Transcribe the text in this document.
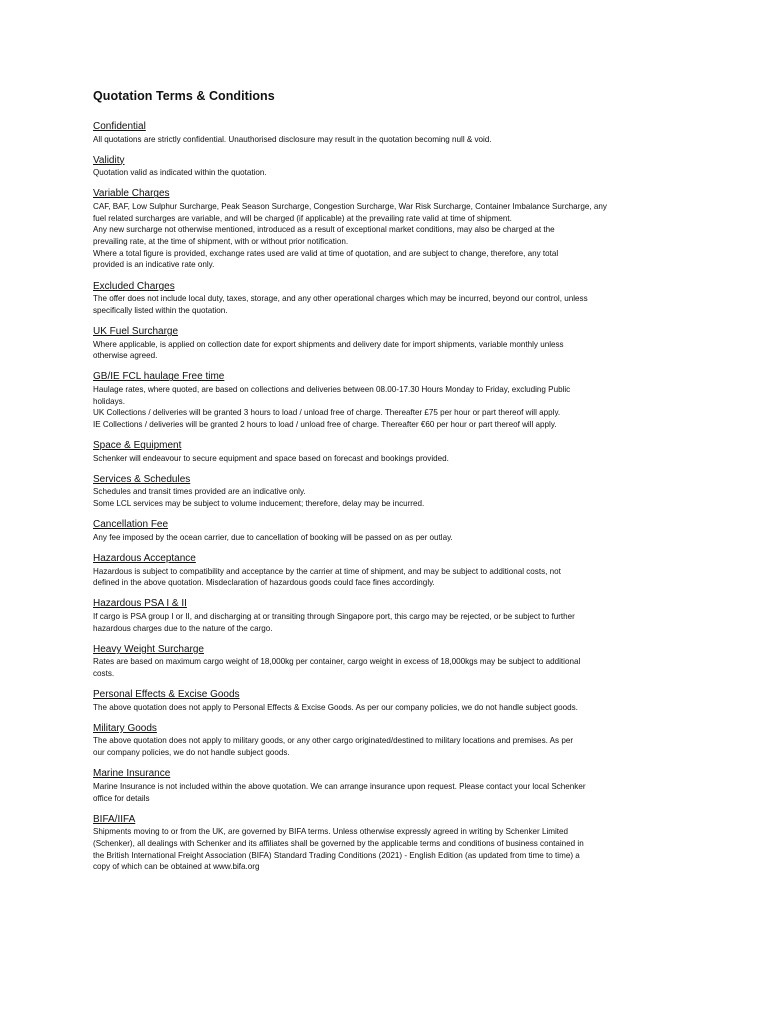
Quotation Terms & Conditions
Confidential

All quotations are strictly confidential. Unauthorised disclosure may result in the quotation becoming null & void.

Validity

Quotation valid as indicated within the quotation.

Variable Charges

CAF, BAF, Low Sulphur Surcharge, Peak Season Surcharge, Congestion Surcharge, War Risk Surcharge, Container Imbalance Surcharge, any

fuel related surcharges are variable, and will be charged (if applicable) at the prevailing rate valid at time of shipment.

Any new surcharge not otherwise mentioned, introduced as a result of exceptional market conditions, may also be charged at the

prevailing rate, at the time of shipment, with or without prior notification.

Where a total figure is provided, exchange rates used are valid at time of quotation, and are subject to change, therefore, any total

provided is an indicative rate only.

Excluded Charges

The offer does not include local duty, taxes, storage, and any other operational charges which may be incurred, beyond our control, unless

specifically listed within the quotation.

UK Fuel Surcharge

Where applicable, is applied on collection date for export shipments and delivery date for import shipments, variable monthly unless

otherwise agreed.

GB/IE FCL haulage Free time

Haulage rates, where quoted, are based on collections and deliveries between 08.00-17.30 Hours Monday to Friday, excluding Public

holidays.

UK Collections / deliveries will be granted 3 hours to load / unload free of charge. Thereafter £75 per hour or part thereof will apply.

IE Collections / deliveries will be granted 2 hours to load / unload free of charge. Thereafter €60 per hour or part thereof will apply.

Space & Equipment

Schenker will endeavour to secure equipment and space based on forecast and bookings provided.

Services & Schedules

Schedules and transit times provided are an indicative only.

Some LCL services may be subject to volume inducement; therefore, delay may be incurred.

Cancellation Fee

Any fee imposed by the ocean carrier, due to cancellation of booking will be passed on as per outlay.

Hazardous Acceptance

Hazardous is subject to compatibility and acceptance by the carrier at time of shipment, and may be subject to additional costs, not

defined in the above quotation. Misdeclaration of hazardous goods could face fines accordingly.

Hazardous PSA I & II

If cargo is PSA group I or II, and discharging at or transiting through Singapore port, this cargo may be rejected, or be subject to further

hazardous charges due to the nature of the cargo.

Heavy Weight Surcharge

Rates are based on maximum cargo weight of 18,000kg per container, cargo weight in excess of 18,000kgs may be subject to additional

costs.

Personal Effects & Excise Goods

The above quotation does not apply to Personal Effects & Excise Goods. As per our company policies, we do not handle subject goods.

Military Goods

The above quotation does not apply to military goods, or any other cargo originated/destined to military locations and premises. As per

our company policies, we do not handle subject goods.

Marine Insurance

Marine Insurance is not included within the above quotation. We can arrange insurance upon request. Please contact your local Schenker

office for details

BIFA/IIFA

Shipments moving to or from the UK, are governed by BIFA terms. Unless otherwise expressly agreed in writing by Schenker Limited

(Schenker), all dealings with Schenker and its affiliates shall be governed by the applicable terms and conditions of business contained in

the British International Freight Association (BIFA) Standard Trading Conditions (2021) - English Edition (as updated from time to time) a

copy of which can be obtained at www.bifa.org
